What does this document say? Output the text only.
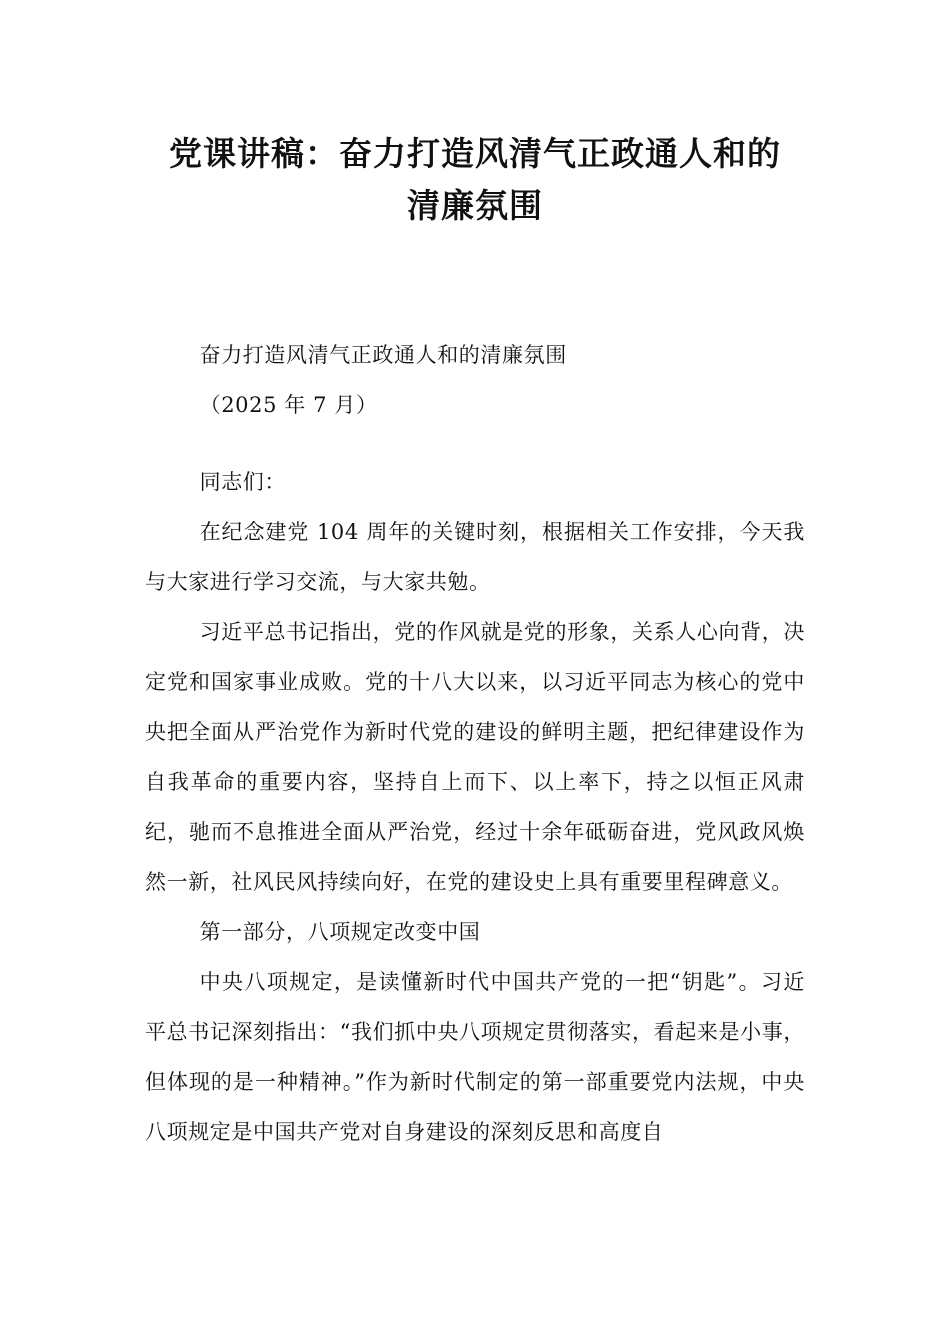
党课讲稿：奋力打造风清气正政通人和的
清廉氛围

奋力打造风清气正政通人和的清廉氛围

（2025 年 7 月）

同志们：

在纪念建党 104 周年的关键时刻，根据相关工作安排，今天我与大家进行学习交流，与大家共勉。

习近平总书记指出，党的作风就是党的形象，关系人心向背，决定党和国家事业成败。党的十八大以来，以习近平同志为核心的党中央把全面从严治党作为新时代党的建设的鲜明主题，把纪律建设作为自我革命的重要内容，坚持自上而下、以上率下，持之以恒正风肃纪，驰而不息推进全面从严治党，经过十余年砥砺奋进，党风政风焕然一新，社风民风持续向好，在党的建设史上具有重要里程碑意义。

第一部分，八项规定改变中国

中央八项规定，是读懂新时代中国共产党的一把“钥匙”。习近平总书记深刻指出：“我们抓中央八项规定贯彻落实，看起来是小事，但体现的是一种精神。”作为新时代制定的第一部重要党内法规，中央八项规定是中国共产党对自身建设的深刻反思和高度自
